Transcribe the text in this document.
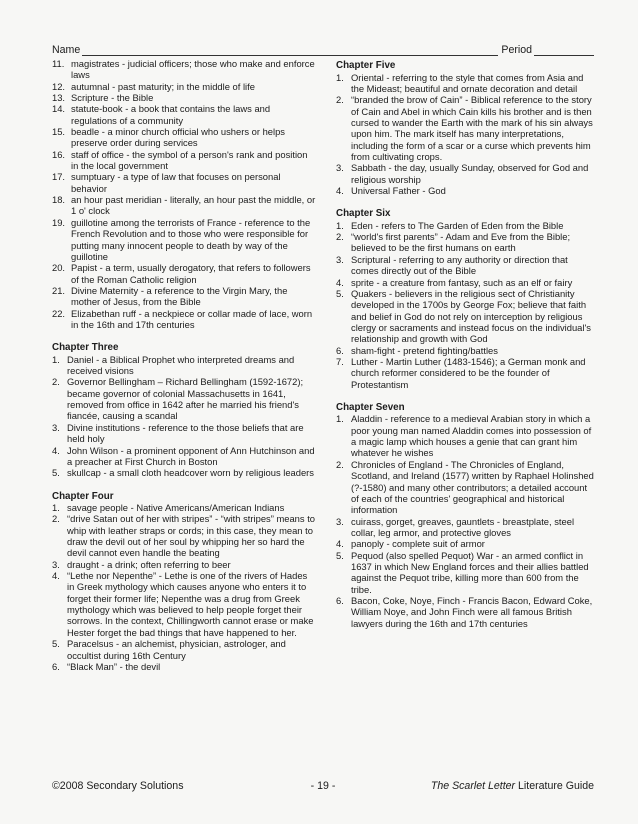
Name	Period
11. magistrates - judicial officers; those who make and enforce laws
12. autumnal - past maturity; in the middle of life
13. Scripture - the Bible
14. statute-book - a book that contains the laws and regulations of a community
15. beadle - a minor church official who ushers or helps preserve order during services
16. staff of office - the symbol of a person's rank and position in the local government
17. sumptuary - a type of law that focuses on personal behavior
18. an hour past meridian - literally, an hour past the middle, or 1 o' clock
19. guillotine among the terrorists of France - reference to the French Revolution and to those who were responsible for putting many innocent people to death by way of the guillotine
20. Papist - a term, usually derogatory, that refers to followers of the Roman Catholic religion
21. Divine Maternity - a reference to the Virgin Mary, the mother of Jesus, from the Bible
22. Elizabethan ruff - a neckpiece or collar made of lace, worn in the 16th and 17th centuries
Chapter Three
1. Daniel - a Biblical Prophet who interpreted dreams and received visions
2. Governor Bellingham – Richard Bellingham (1592-1672); became governor of colonial Massachusetts in 1641, removed from office in 1642 after he married his friend's fiancée, causing a scandal
3. Divine institutions - reference to the those beliefs that are held holy
4. John Wilson - a prominent opponent of Ann Hutchinson and a preacher at First Church in Boston
5. skullcap - a small cloth headcover worn by religious leaders
Chapter Four
1. savage people - Native Americans/American Indians
2. “drive Satan out of her with stripes” - “with stripes” means to whip with leather straps or cords; in this case, they mean to draw the devil out of her soul by whipping her so hard the devil cannot even handle the beating
3. draught - a drink; often referring to beer
4. “Lethe nor Nepenthe” - Lethe is one of the rivers of Hades in Greek mythology which causes anyone who enters it to forget their former life; Nepenthe was a drug from Greek mythology which was believed to help people forget their sorrows. In the context, Chillingworth cannot erase or make Hester forget the bad things that have happened to her.
5. Paracelsus - an alchemist, physician, astrologer, and occultist during 16th Century
6. “Black Man” - the devil
Chapter Five
1. Oriental - referring to the style that comes from Asia and the Mideast; beautiful and ornate decoration and detail
2. “branded the brow of Cain” - Biblical reference to the story of Cain and Abel in which Cain kills his brother and is then cursed to wander the Earth with the mark of his sin always upon him. The mark itself has many interpretations, including the form of a scar or a curse which prevents him from cultivating crops.
3. Sabbath - the day, usually Sunday, observed for God and religious worship
4. Universal Father - God
Chapter Six
1. Eden - refers to The Garden of Eden from the Bible
2. “world's first parents” - Adam and Eve from the Bible; believed to be the first humans on earth
3. Scriptural - referring to any authority or direction that comes directly out of the Bible
4. sprite - a creature from fantasy, such as an elf or fairy
5. Quakers - believers in the religious sect of Christianity developed in the 1700s by George Fox; believe that faith and belief in God do not rely on interception by religious clergy or sacraments and instead focus on the individual's relationship and growth with God
6. sham-fight - pretend fighting/battles
7. Luther - Martin Luther (1483-1546); a German monk and church reformer considered to be the founder of Protestantism
Chapter Seven
1. Aladdin - reference to a medieval Arabian story in which a poor young man named Aladdin comes into possession of a magic lamp which houses a genie that can grant him whatever he wishes
2. Chronicles of England - The Chronicles of England, Scotland, and Ireland (1577) written by Raphael Holinshed (?-1580) and many other contributors; a detailed account of each of the countries' geographical and historical information
3. cuirass, gorget, greaves, gauntlets - breastplate, steel collar, leg armor, and protective gloves
4. panoply - complete suit of armor
5. Pequod (also spelled Pequot) War - an armed conflict in 1637 in which New England forces and their allies battled against the Pequot tribe, killing more than 600 from the tribe.
6. Bacon, Coke, Noye, Finch - Francis Bacon, Edward Coke, William Noye, and John Finch were all famous British lawyers during the 16th and 17th centuries
©2008 Secondary Solutions	- 19 -	The Scarlet Letter Literature Guide
